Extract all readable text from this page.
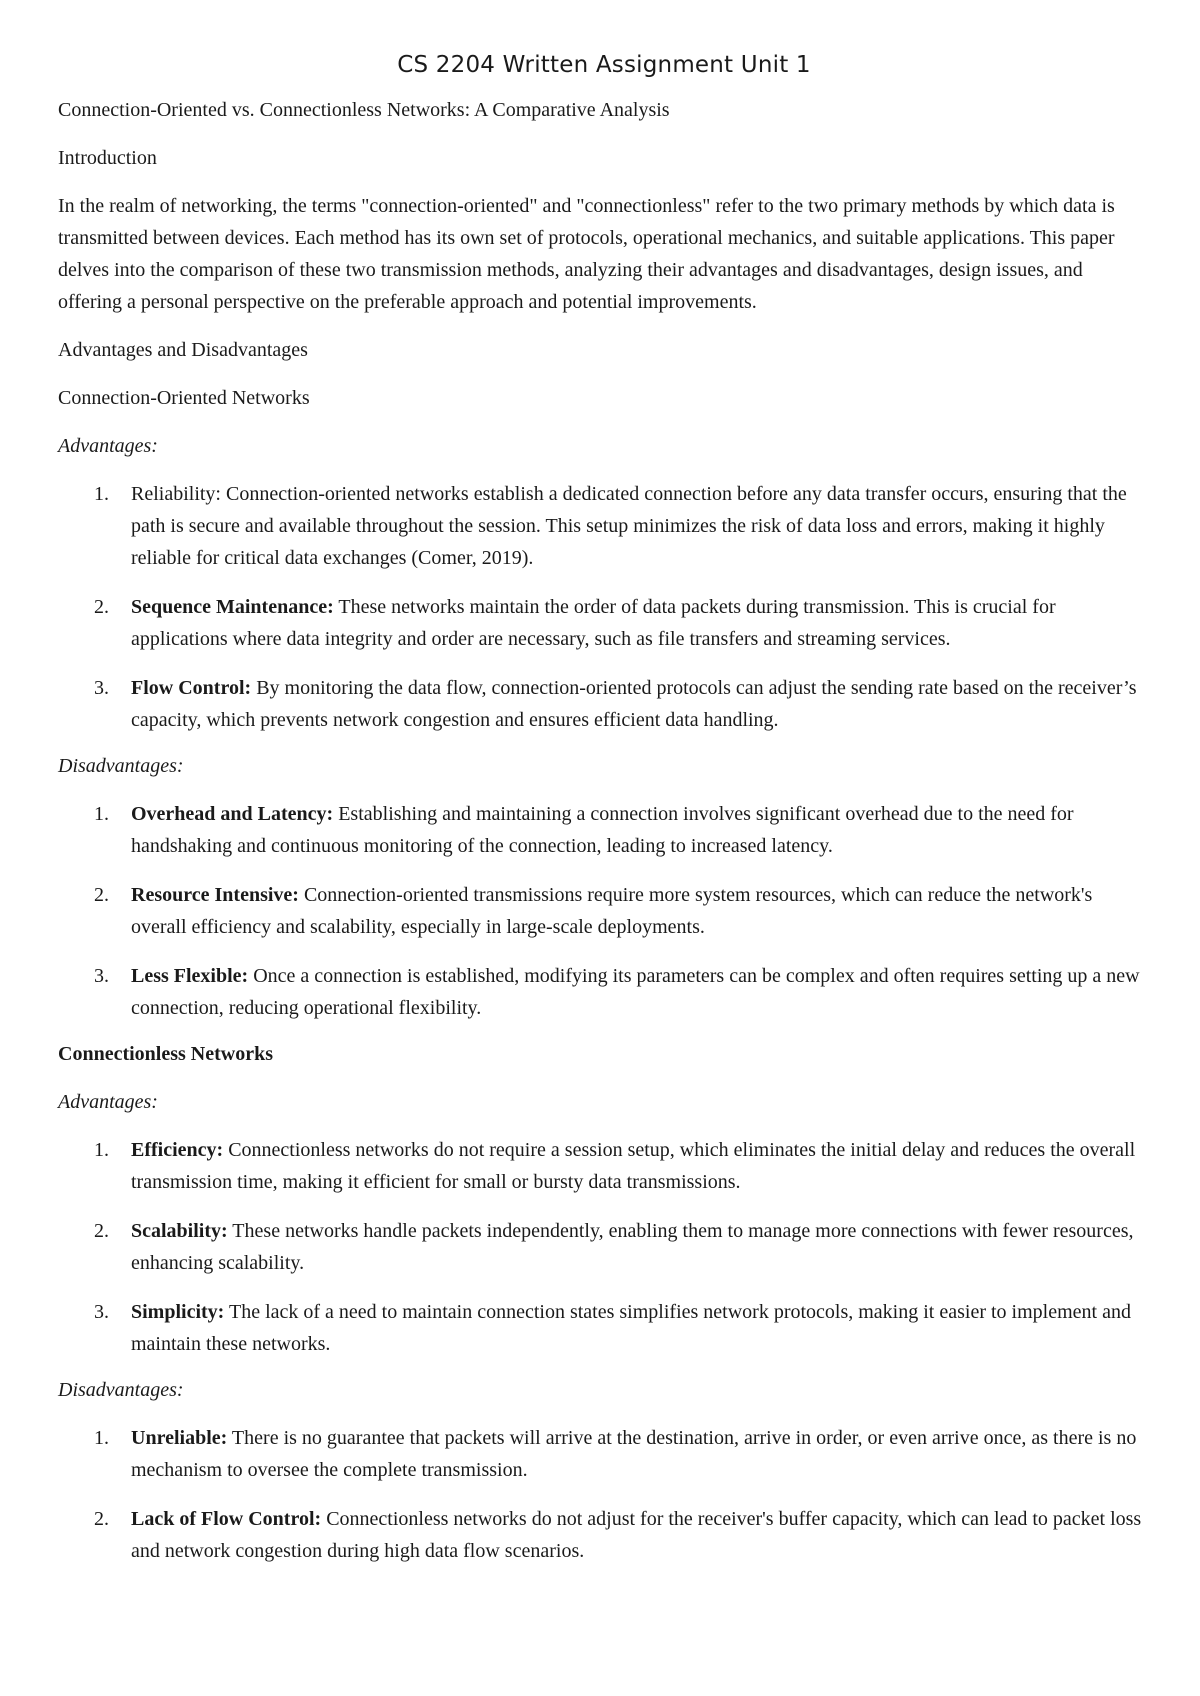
CS 2204 Written Assignment Unit 1

Connection-Oriented vs. Connectionless Networks: A Comparative Analysis

Introduction

In the realm of networking, the terms "connection-oriented" and "connectionless" refer to the two primary methods by which data is transmitted between devices. Each method has its own set of protocols, operational mechanics, and suitable applications. This paper delves into the comparison of these two transmission methods, analyzing their advantages and disadvantages, design issues, and offering a personal perspective on the preferable approach and potential improvements.

Advantages and Disadvantages

Connection-Oriented Networks

Advantages:

1. Reliability: Connection-oriented networks establish a dedicated connection before any data transfer occurs, ensuring that the path is secure and available throughout the session. This setup minimizes the risk of data loss and errors, making it highly reliable for critical data exchanges (Comer, 2019).
2. Sequence Maintenance: These networks maintain the order of data packets during transmission. This is crucial for applications where data integrity and order are necessary, such as file transfers and streaming services.
3. Flow Control: By monitoring the data flow, connection-oriented protocols can adjust the sending rate based on the receiver’s capacity, which prevents network congestion and ensures efficient data handling.

Disadvantages:

1. Overhead and Latency: Establishing and maintaining a connection involves significant overhead due to the need for handshaking and continuous monitoring of the connection, leading to increased latency.
2. Resource Intensive: Connection-oriented transmissions require more system resources, which can reduce the network's overall efficiency and scalability, especially in large-scale deployments.
3. Less Flexible: Once a connection is established, modifying its parameters can be complex and often requires setting up a new connection, reducing operational flexibility.

Connectionless Networks

Advantages:

1. Efficiency: Connectionless networks do not require a session setup, which eliminates the initial delay and reduces the overall transmission time, making it efficient for small or bursty data transmissions.
2. Scalability: These networks handle packets independently, enabling them to manage more connections with fewer resources, enhancing scalability.
3. Simplicity: The lack of a need to maintain connection states simplifies network protocols, making it easier to implement and maintain these networks.

Disadvantages:

1. Unreliable: There is no guarantee that packets will arrive at the destination, arrive in order, or even arrive once, as there is no mechanism to oversee the complete transmission.
2. Lack of Flow Control: Connectionless networks do not adjust for the receiver's buffer capacity, which can lead to packet loss and network congestion during high data flow scenarios.
